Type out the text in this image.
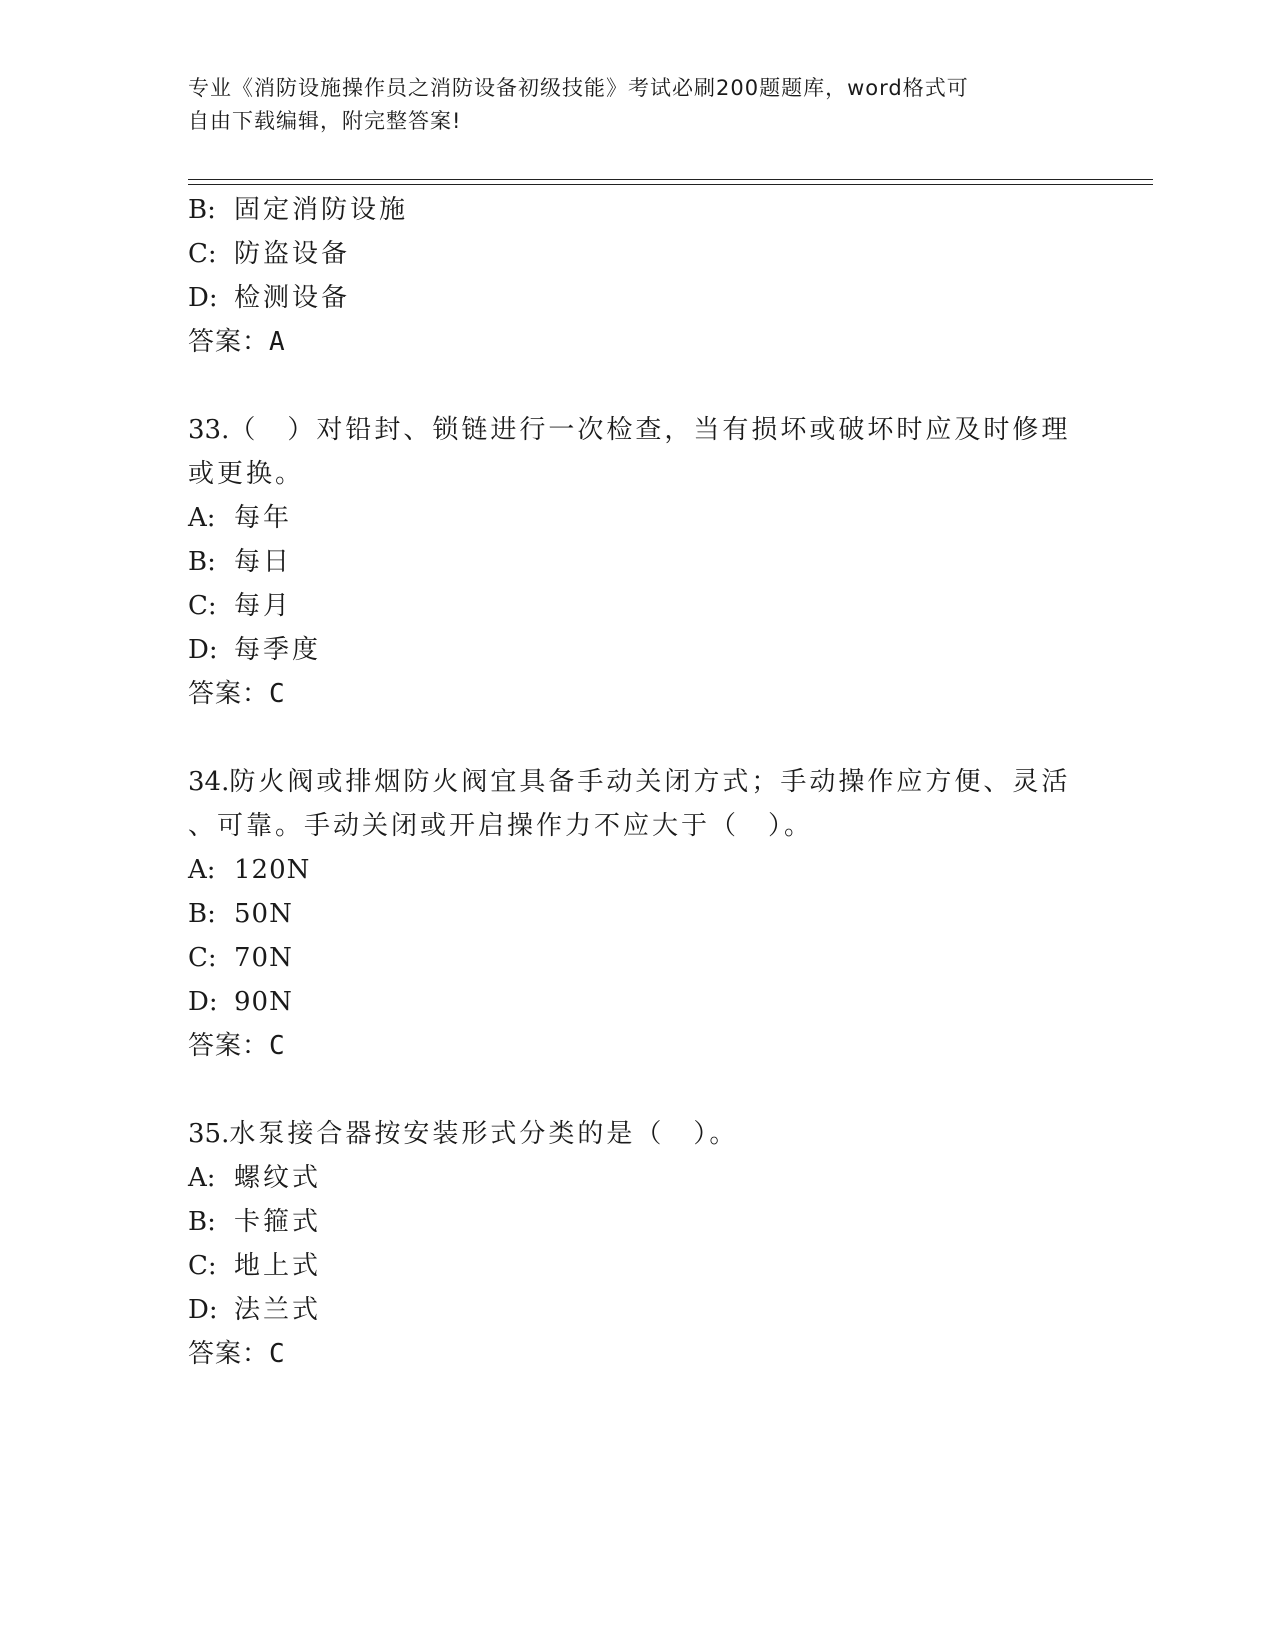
专业《消防设施操作员之消防设备初级技能》考试必刷200题题库，word格式可
自由下载编辑，附完整答案!
B: 固定消防设施
C: 防盗设备
D: 检测设备
答案：A
33.（　）对铅封、锁链进行一次检查，当有损坏或破坏时应及时修理
或更换。
A: 每年
B: 每日
C: 每月
D: 每季度
答案：C
34.防火阀或排烟防火阀宜具备手动关闭方式；手动操作应方便、灵活
、可靠。手动关闭或开启操作力不应大于（　）。
A: 120N
B: 50N
C: 70N
D: 90N
答案：C
35.水泵接合器按安装形式分类的是（　）。
A: 螺纹式
B: 卡箍式
C: 地上式
D: 法兰式
答案：C
